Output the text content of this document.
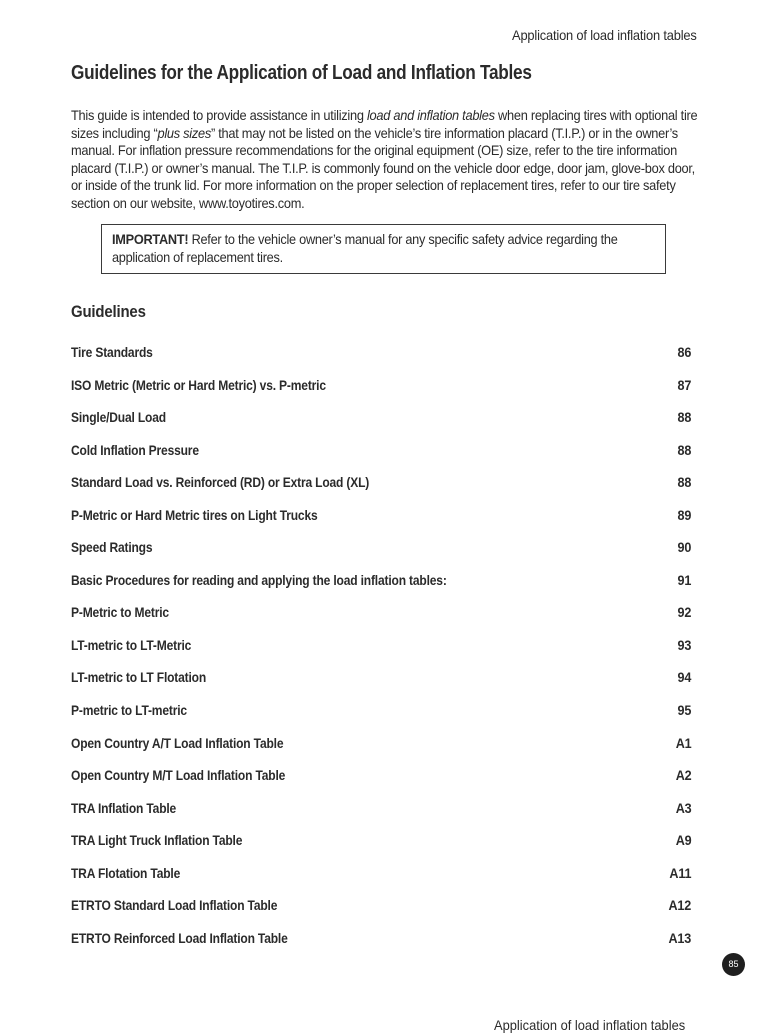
Application of load inflation tables
Guidelines for the Application of Load and Inflation Tables

This guide is intended to provide assistance in utilizing load and inflation tables when replacing tires with optional tire sizes including “plus sizes” that may not be listed on the vehicle’s tire information placard (T.I.P.) or in the owner’s manual. For inflation pressure recommendations for the original equipment (OE) size, refer to the tire information placard (T.I.P.) or owner’s manual. The T.I.P. is commonly found on the vehicle door edge, door jam, glove-box door, or inside of the trunk lid. For more information on the proper selection of replacement tires, refer to our tire safety section on our website, www.toyotires.com.

IMPORTANT! Refer to the vehicle owner’s manual for any specific safety advice regarding the application of replacement tires.
Guidelines
Tire Standards	86
ISO Metric (Metric or Hard Metric) vs. P-metric	87
Single/Dual Load	88
Cold Inflation Pressure	88
Standard Load vs. Reinforced (RD) or Extra Load (XL)	88
P-Metric or Hard Metric tires on Light Trucks	89
Speed Ratings	90
Basic Procedures for reading and applying the load inflation tables:	91
P-Metric to Metric	92
LT-metric to LT-Metric	93
LT-metric to LT Flotation	94
P-metric to LT-metric	95
Open Country A/T Load Inflation Table	A1
Open Country M/T Load Inflation Table	A2
TRA Inflation Table	A3
TRA Light Truck Inflation Table	A9
TRA Flotation Table	A11
ETRTO Standard Load Inflation Table	A12
ETRTO Reinforced Load Inflation Table	A13
85
Application of load inflation tables
